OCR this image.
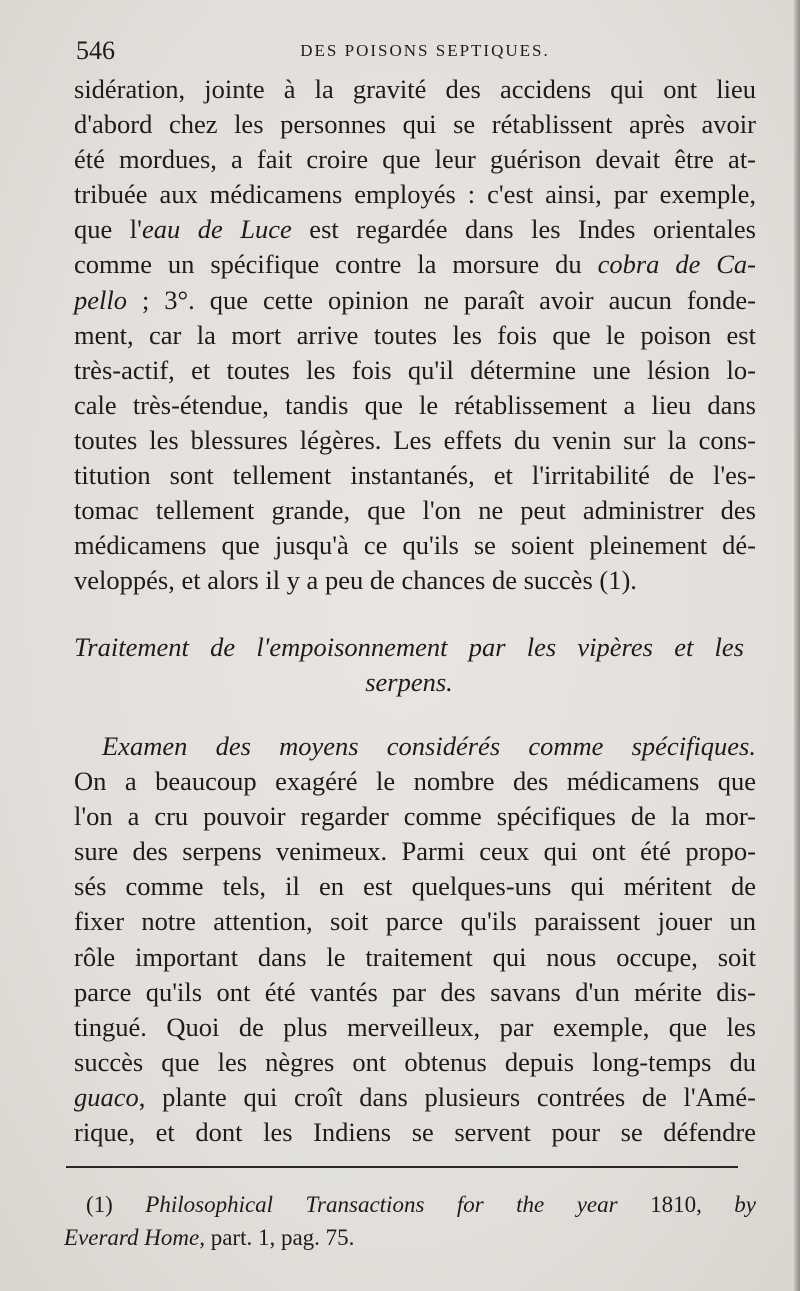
546	DES POISONS SEPTIQUES.
sidération, jointe à la gravité des accidens qui ont lieu
d'abord chez les personnes qui se rétablissent après avoir
été mordues, a fait croire que leur guérison devait être at-
tribuée aux médicamens employés : c'est ainsi, par exemple,
que l'eau de Luce est regardée dans les Indes orientales
comme un spécifique contre la morsure du cobra de Ca-
pello ; 3°. que cette opinion ne paraît avoir aucun fonde-
ment, car la mort arrive toutes les fois que le poison est
très-actif, et toutes les fois qu'il détermine une lésion lo-
cale très-étendue, tandis que le rétablissement a lieu dans
toutes les blessures légères. Les effets du venin sur la cons-
titution sont tellement instantanés, et l'irritabilité de l'es-
tomac tellement grande, que l'on ne peut administrer des
médicamens que jusqu'à ce qu'ils se soient pleinement dé-
veloppés, et alors il y a peu de chances de succès (1).
Traitement de l'empoisonnement par les vipères et les
serpens.
Examen des moyens considérés comme spécifiques.
On a beaucoup exagéré le nombre des médicamens que
l'on a cru pouvoir regarder comme spécifiques de la mor-
sure des serpens venimeux. Parmi ceux qui ont été propo-
sés comme tels, il en est quelques-uns qui méritent de
fixer notre attention, soit parce qu'ils paraissent jouer un
rôle important dans le traitement qui nous occupe, soit
parce qu'ils ont été vantés par des savans d'un mérite dis-
tingué. Quoi de plus merveilleux, par exemple, que les
succès que les nègres ont obtenus depuis long-temps du
guaco, plante qui croît dans plusieurs contrées de l'Amé-
rique, et dont les Indiens se servent pour se défendre
(1) Philosophical Transactions for the year 1810, by
Everard Home, part. 1, pag. 75.
